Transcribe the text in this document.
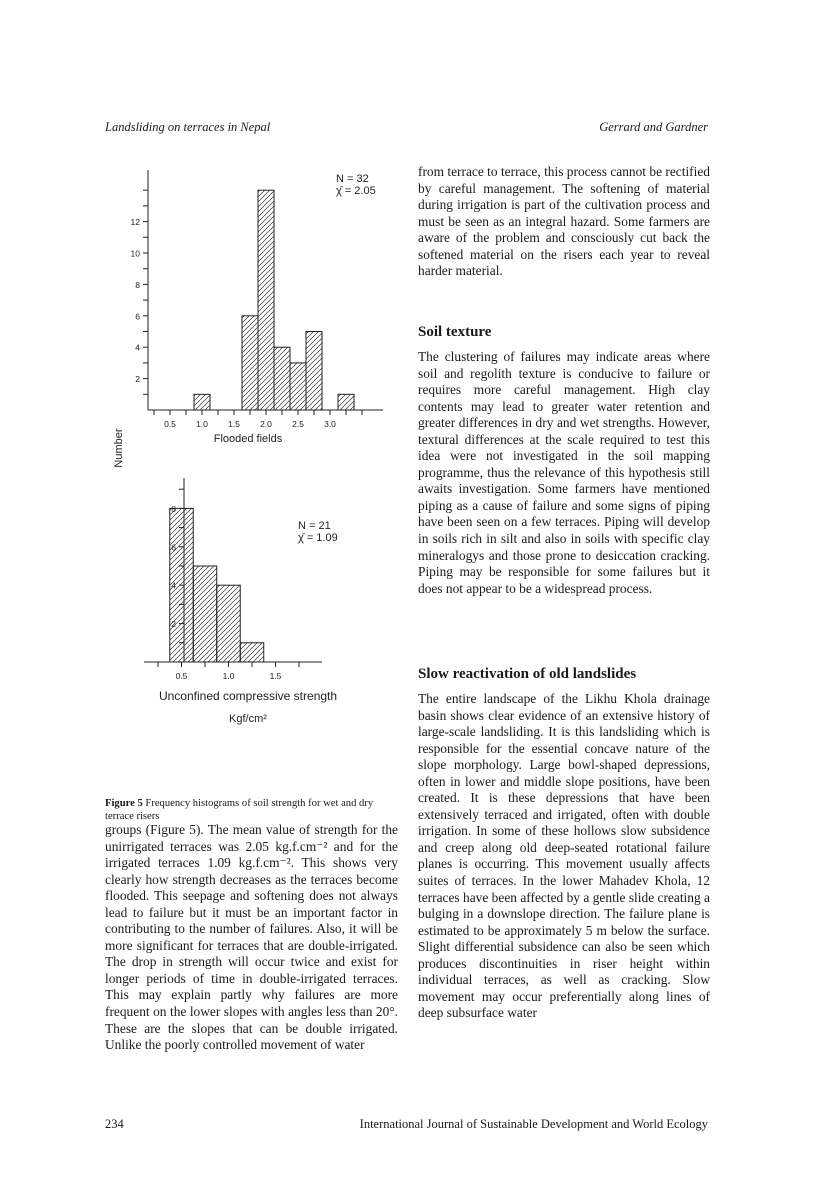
Landsliding on terraces in Nepal	Gerrard and Gardner
2
4
6
8
10
12
0.5 1.0 1.5 2.0 2.5 3.0
N = 32
χ̄ = 2.05
Flooded fields
2
4
6
8
0.5	1.0	1.5
N = 21
χ̄ = 1.09
Number
Unconfined compressive strength
Kgf/cm²
Figure 5 Frequency histograms of soil strength for wet and dry terrace risers

groups (Figure 5). The mean value of strength for the unirrigated terraces was 2.05 kg.f.cm⁻² and for the irrigated terraces 1.09 kg.f.cm⁻². This shows very clearly how strength decreases as the terraces become flooded. This seepage and softening does not always lead to failure but it must be an important factor in contributing to the number of failures. Also, it will be more significant for terraces that are double-irrigated. The drop in strength will occur twice and exist for longer periods of time in double-irrigated terraces. This may explain partly why failures are more frequent on the lower slopes with angles less than 20°. These are the slopes that can be double irrigated. Unlike the poorly controlled movement of water

from terrace to terrace, this process cannot be rectified by careful management. The softening of material during irrigation is part of the cultivation process and must be seen as an integral hazard. Some farmers are aware of the problem and consciously cut back the softened material on the risers each year to reveal harder material.

Soil texture

The clustering of failures may indicate areas where soil and regolith texture is conducive to failure or requires more careful management. High clay contents may lead to greater water retention and greater differences in dry and wet strengths. However, textural differences at the scale required to test this idea were not investigated in the soil mapping programme, thus the relevance of this hypothesis still awaits investigation. Some farmers have mentioned piping as a cause of failure and some signs of piping have been seen on a few terraces. Piping will develop in soils rich in silt and also in soils with specific clay mineralogys and those prone to desiccation cracking. Piping may be responsible for some failures but it does not appear to be a widespread process.

Slow reactivation of old landslides

The entire landscape of the Likhu Khola drainage basin shows clear evidence of an extensive history of large-scale landsliding. It is this landsliding which is responsible for the essential concave nature of the slope morphology. Large bowl-shaped depressions, often in lower and middle slope positions, have been created. It is these depressions that have been extensively terraced and irrigated, often with double irrigation. In some of these hollows slow subsidence and creep along old deep-seated rotational failure planes is occurring. This movement usually affects suites of terraces. In the lower Mahadev Khola, 12 terraces have been affected by a gentle slide creating a bulging in a downslope direction. The failure plane is estimated to be approximately 5 m below the surface. Slight differential subsidence can also be seen which produces discontinuities in riser height within individual terraces, as well as cracking. Slow movement may occur preferentially along lines of deep subsurface water

234	International Journal of Sustainable Development and World Ecology
